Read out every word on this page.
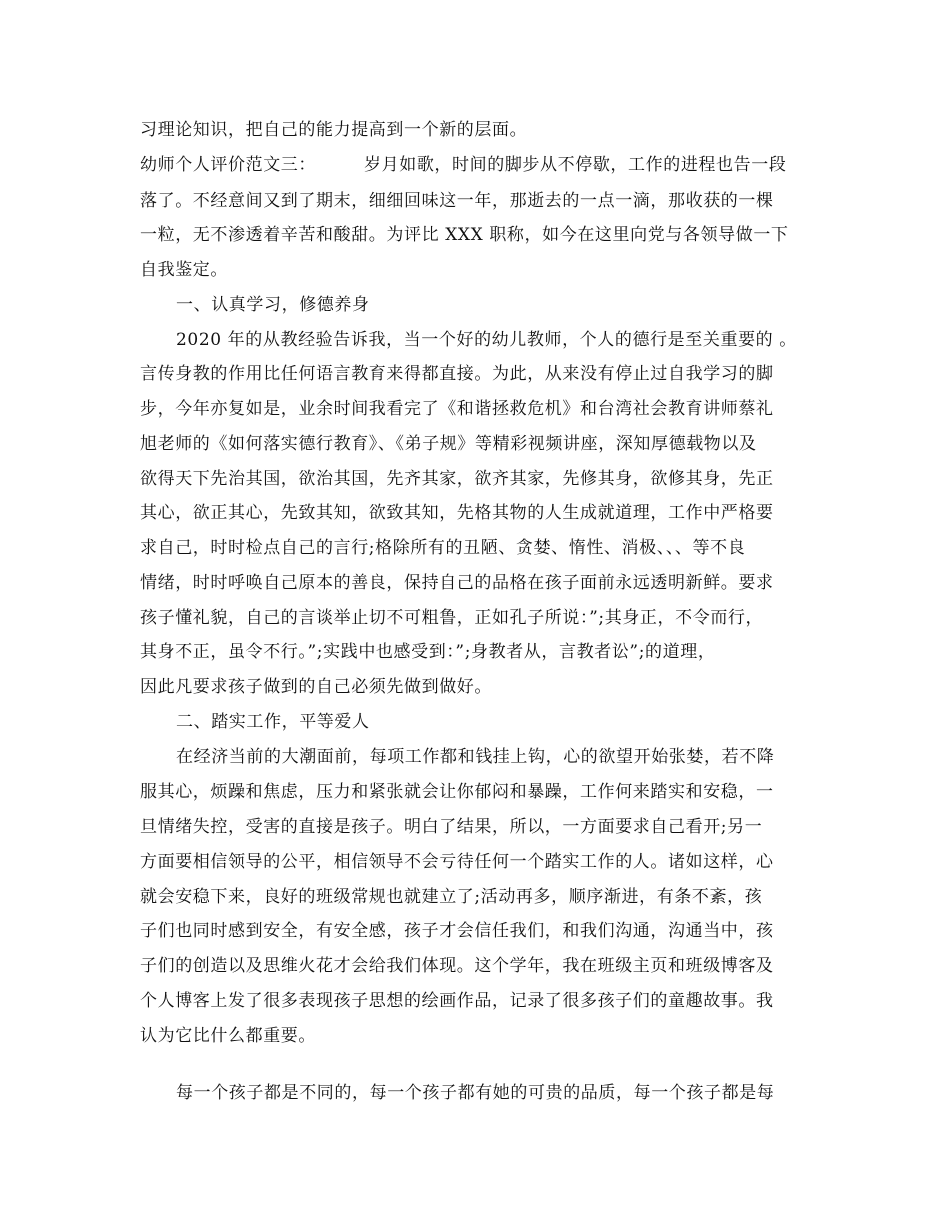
习理论知识，把自己的能力提高到一个新的层面。
幼师个人评价范文三：        岁月如歌，时间的脚步从不停歇，工作的进程也告一段
落了。不经意间又到了期末，细细回味这一年，那逝去的一点一滴，那收获的一棵
一粒，无不渗透着辛苦和酸甜。为评比 XXX 职称，如今在这里向党与各领导做一下
自我鉴定。
一、认真学习，修德养身
2020 年的从教经验告诉我，当一个好的幼儿教师，个人的德行是至关重要的 。
言传身教的作用比任何语言教育来得都直接。为此，从来没有停止过自我学习的脚
步，今年亦复如是，业余时间我看完了《和谐拯救危机》和台湾社会教育讲师蔡礼
旭老师的《如何落实德行教育》、《弟子规》等精彩视频讲座，深知厚德载物以及
欲得天下先治其国，欲治其国，先齐其家，欲齐其家，先修其身，欲修其身，先正
其心，欲正其心，先致其知，欲致其知，先格其物的人生成就道理，工作中严格要
求自己，时时检点自己的言行;格除所有的丑陋、贪婪、惰性、消极、、、等不良
情绪，时时呼唤自己原本的善良，保持自己的品格在孩子面前永远透明新鲜。要求
孩子懂礼貌，自己的言谈举止切不可粗鲁，正如孔子所说：”;其身正，不令而行，
其身不正，虽令不行。”;实践中也感受到：”;身教者从，言教者讼”;的道理，
因此凡要求孩子做到的自己必须先做到做好。
二、踏实工作，平等爱人
在经济当前的大潮面前，每项工作都和钱挂上钩，心的欲望开始张婪，若不降
服其心，烦躁和焦虑，压力和紧张就会让你郁闷和暴躁，工作何来踏实和安稳，一
旦情绪失控，受害的直接是孩子。明白了结果，所以，一方面要求自己看开;另一
方面要相信领导的公平，相信领导不会亏待任何一个踏实工作的人。诸如这样，心
就会安稳下来，良好的班级常规也就建立了;活动再多，顺序渐进，有条不紊，孩
子们也同时感到安全，有安全感，孩子才会信任我们，和我们沟通，沟通当中，孩
子们的创造以及思维火花才会给我们体现。这个学年，我在班级主页和班级博客及
个人博客上发了很多表现孩子思想的绘画作品，记录了很多孩子们的童趣故事。我
认为它比什么都重要。
每一个孩子都是不同的，每一个孩子都有她的可贵的品质，每一个孩子都是每
